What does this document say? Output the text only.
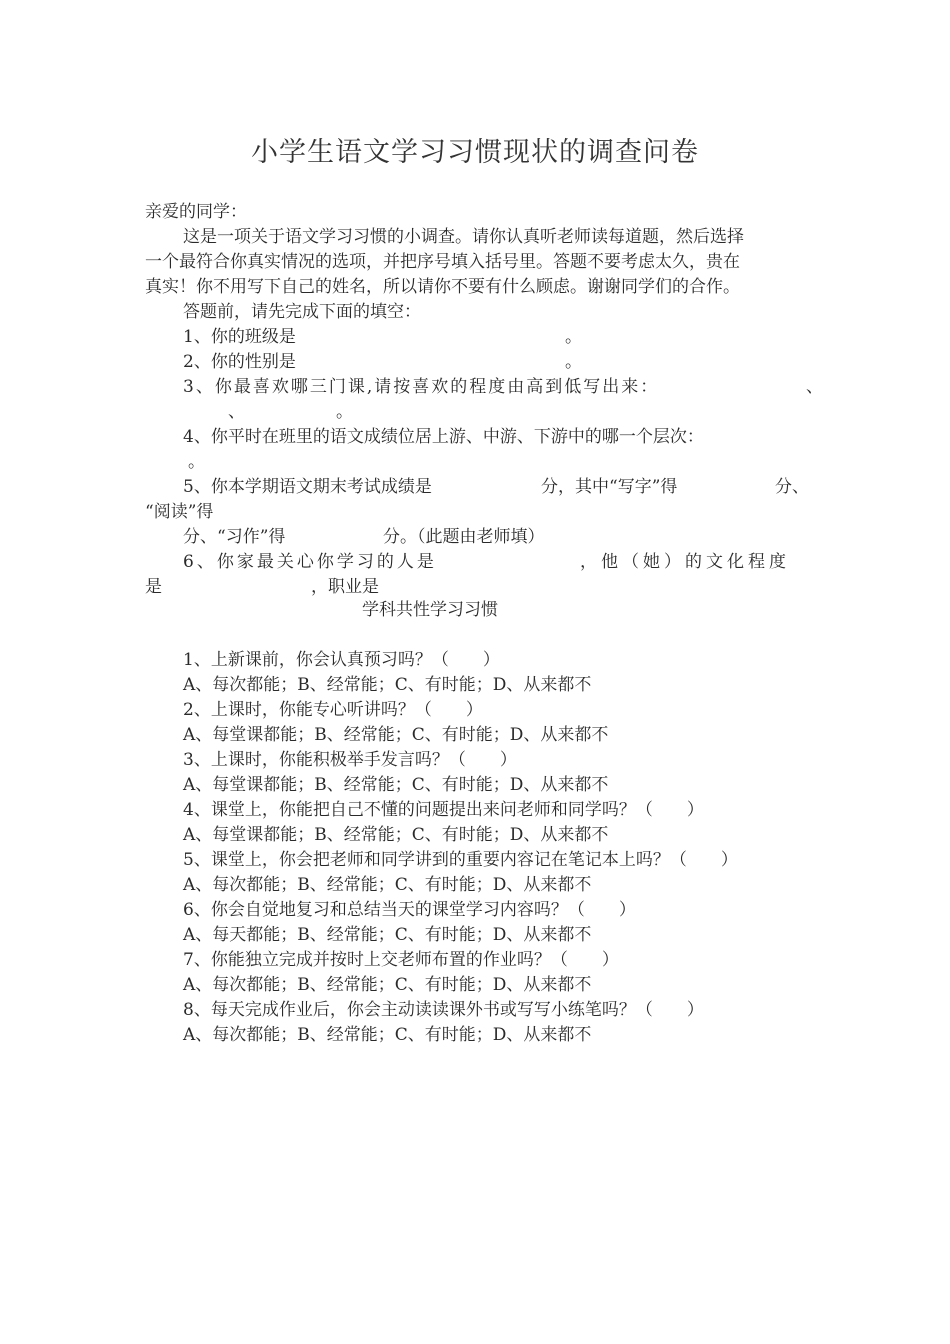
小学生语文学习习惯现状的调查问卷
亲爱的同学：
这是一项关于语文学习习惯的小调查。请你认真听老师读每道题，然后选择
一个最符合你真实情况的选项，并把序号填入括号里。答题不要考虑太久，贵在
真实！你不用写下自己的姓名，所以请你不要有什么顾虑。谢谢同学们的合作。
答题前，请先完成下面的填空：
1、你的班级是	。
2、你的性别是	。
3、你最喜欢哪三门课,请按喜欢的程度由高到低写出来：	、
、	。
4、你平时在班里的语文成绩位居上游、中游、下游中的哪一个层次：
。
5、你本学期语文期末考试成绩是	分，其中“写字”得	分、
“阅读”得
分、“习作”得	分。（此题由老师填）
6、你家最关心你学习的人是	，他（她）的文化程度
是	，职业是
学科共性学习习惯
1、上新课前，你会认真预习吗？（　　）
A、每次都能；B、经常能；C、有时能；D、从来都不
2、上课时，你能专心听讲吗？（　　）
A、每堂课都能；B、经常能；C、有时能；D、从来都不
3、上课时，你能积极举手发言吗？（　　）
A、每堂课都能；B、经常能；C、有时能；D、从来都不
4、课堂上，你能把自己不懂的问题提出来问老师和同学吗？（　　）
A、每堂课都能；B、经常能；C、有时能；D、从来都不
5、课堂上，你会把老师和同学讲到的重要内容记在笔记本上吗？（　　）
A、每次都能；B、经常能；C、有时能；D、从来都不
6、你会自觉地复习和总结当天的课堂学习内容吗？（　　）
A、每天都能；B、经常能；C、有时能；D、从来都不
7、你能独立完成并按时上交老师布置的作业吗？（　　）
A、每次都能；B、经常能；C、有时能；D、从来都不
8、每天完成作业后，你会主动读读课外书或写写小练笔吗？（　　）
A、每次都能；B、经常能；C、有时能；D、从来都不
